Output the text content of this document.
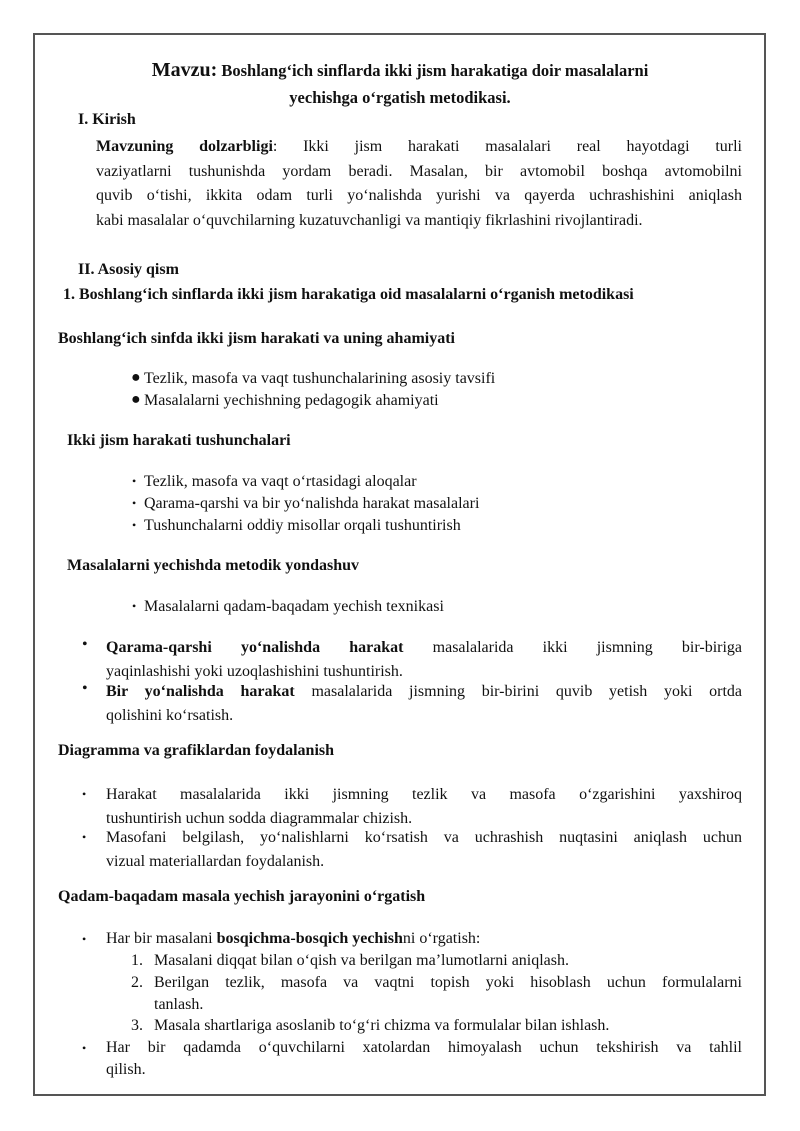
Mavzu: Boshlang‘ich sinflarda ikki jism harakatiga doir masalalarni
yechishga o‘rgatish metodikasi.
I. Kirish
Mavzuning dolzarbligi: Ikki jism harakati masalalari real hayotdagi turli
vaziyatlarni tushunishda yordam beradi. Masalan, bir avtomobil boshqa avtomobilni
quvib o‘tishi, ikkita odam turli yo‘nalishda yurishi va qayerda uchrashishini aniqlash
kabi masalalar o‘quvchilarning kuzatuvchanligi va mantiqiy fikrlashini rivojlantiradi.
II. Asosiy qism
1. Boshlang‘ich sinflarda ikki jism harakatiga oid masalalarni o‘rganish metodikasi
Boshlang‘ich sinfda ikki jism harakati va uning ahamiyati
● Tezlik, masofa va vaqt tushunchalarining asosiy tavsifi
● Masalalarni yechishning pedagogik ahamiyati
Ikki jism harakati tushunchalari
• Tezlik, masofa va vaqt o‘rtasidagi aloqalar
• Qarama-qarshi va bir yo‘nalishda harakat masalalari
• Tushunchalarni oddiy misollar orqali tushuntirish
Masalalarni yechishda metodik yondashuv
• Masalalarni qadam-baqadam yechish texnikasi
• Qarama-qarshi yo‘nalishda harakat masalalarida ikki jismning bir-biriga
yaqinlashishi yoki uzoqlashishini tushuntirish.
• Bir yo‘nalishda harakat masalalarida jismning bir-birini quvib yetish yoki ortda
qolishini ko‘rsatish.
Diagramma va grafiklardan foydalanish
• Harakat masalalarida ikki jismning tezlik va masofa o‘zgarishini yaxshiroq
tushuntirish uchun sodda diagrammalar chizish.
• Masofani belgilash, yo‘nalishlarni ko‘rsatish va uchrashish nuqtasini aniqlash uchun
vizual materiallardan foydalanish.
Qadam-baqadam masala yechish jarayonini o‘rgatish
• Har bir masalani bosqichma-bosqich yechishni o‘rgatish:
1. Masalani diqqat bilan o‘qish va berilgan ma’lumotlarni aniqlash.
2. Berilgan tezlik, masofa va vaqtni topish yoki hisoblash uchun formulalarni
tanlash.
3. Masala shartlariga asoslanib to‘g‘ri chizma va formulalar bilan ishlash.
• Har bir qadamda o‘quvchilarni xatolardan himoyalash uchun tekshirish va tahlil
qilish.
